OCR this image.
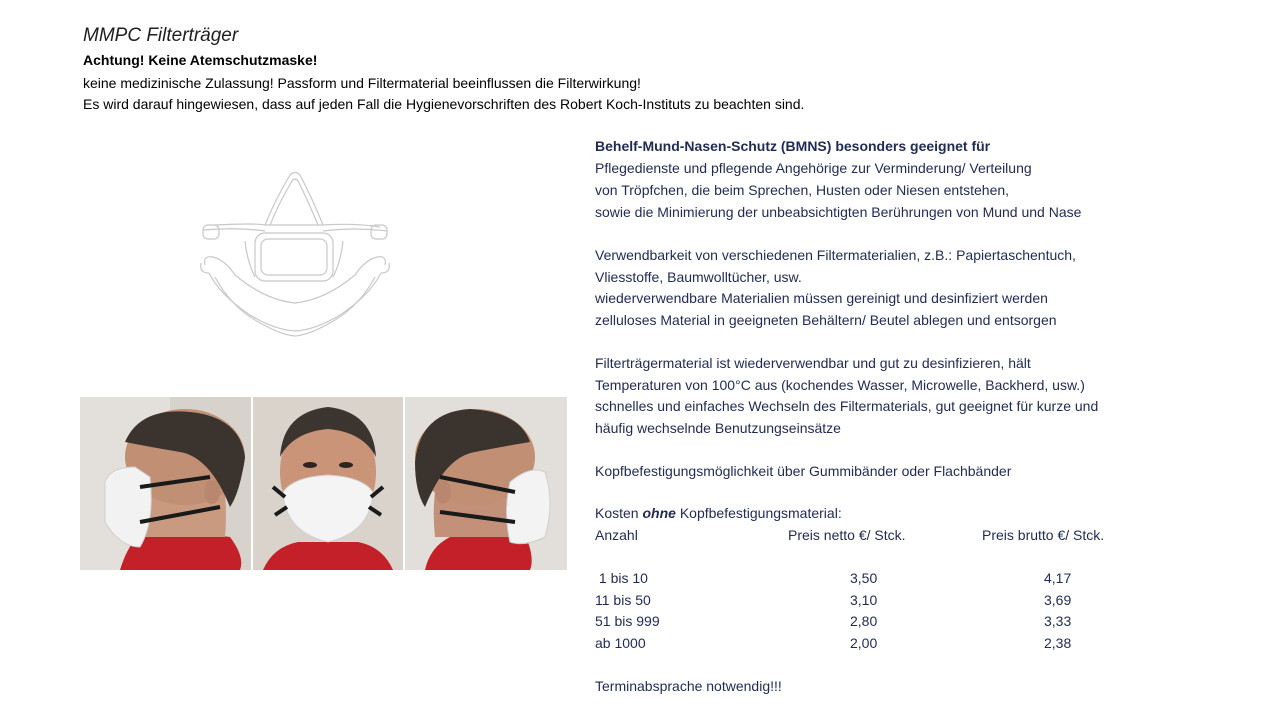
MMPC Filterträger
Achtung! Keine Atemschutzmaske!
keine medizinische Zulassung! Passform und Filtermaterial beeinflussen die Filterwirkung!
Es wird darauf hingewiesen, dass auf jeden Fall die Hygienevorschriften des Robert Koch-Instituts zu beachten sind.
Behelf-Mund-Nasen-Schutz (BMNS) besonders geeignet für
Pflegedienste und pflegende Angehörige zur Verminderung/ Verteilung
von Tröpfchen, die beim Sprechen, Husten oder Niesen entstehen,
sowie die Minimierung der unbeabsichtigten Berührungen von Mund und Nase
Verwendbarkeit von verschiedenen Filtermaterialien, z.B.: Papiertaschentuch,
Vliesstoffe, Baumwolltücher, usw.
wiederverwendbare Materialien müssen gereinigt und desinfiziert werden
zelluloses Material in geeigneten Behältern/ Beutel ablegen und entsorgen
Filterträgermaterial ist wiederverwendbar und gut zu desinfizieren, hält
Temperaturen von 100°C aus (kochendes Wasser, Microwelle, Backherd, usw.)
schnelles und einfaches Wechseln des Filtermaterials, gut geeignet für kurze und
häufig wechselnde Benutzungseinsätze
Kopfbefestigungsmöglichkeit über Gummibänder oder Flachbänder
Kosten ohne Kopfbefestigungsmaterial:
Anzahl	Preis netto €/ Stck.	Preis brutto €/ Stck.
1 bis 10	3,50	4,17
11 bis 50	3,10	3,69
51 bis 999	2,80	3,33
ab 1000	2,00	2,38
Terminabsprache notwendig!!!
